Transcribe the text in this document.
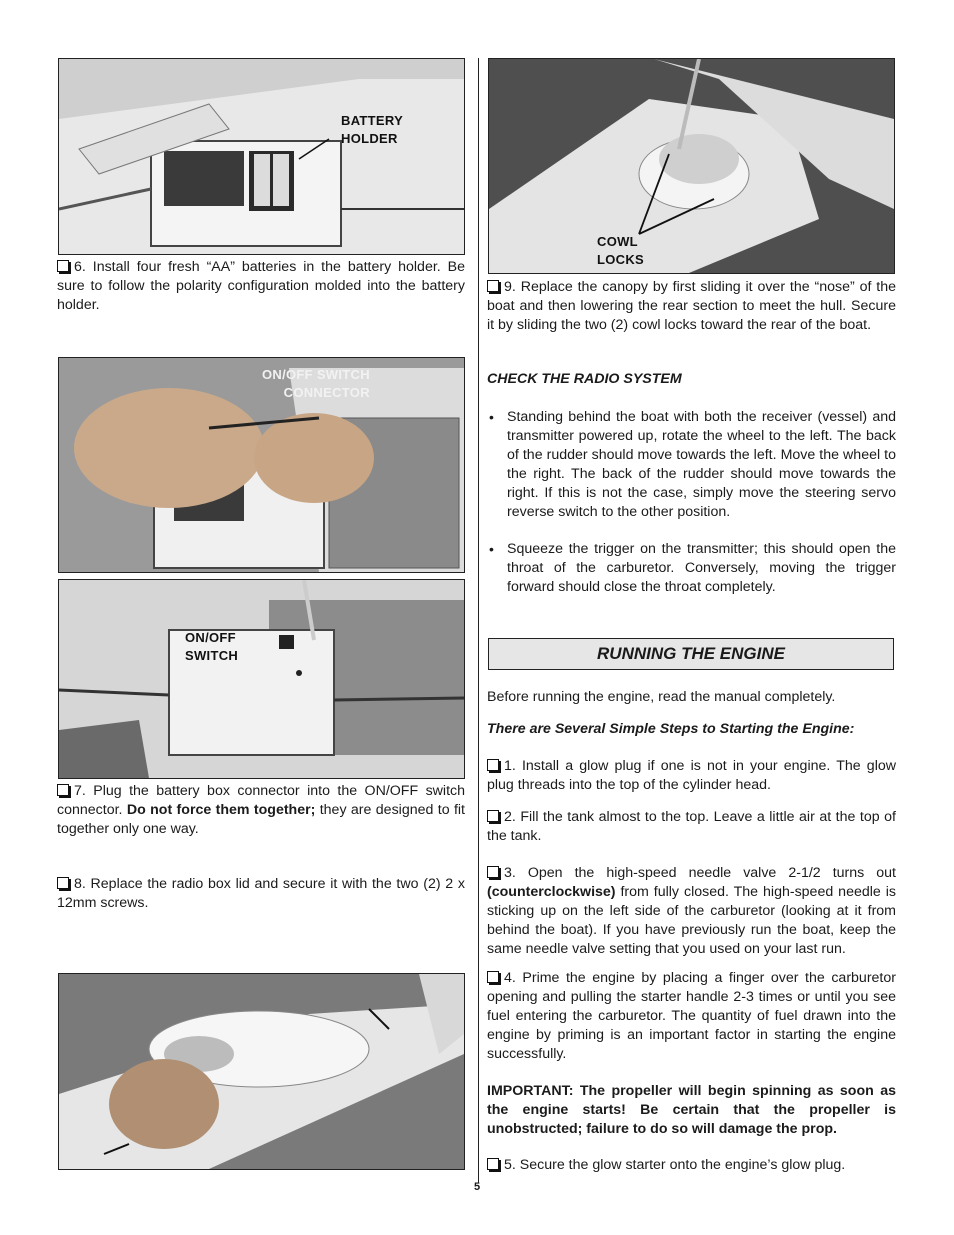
BATTERY
HOLDER
ON/OFF SWITCH
CONNECTOR
ON/OFF
SWITCH
6. Install four fresh “AA” batteries in the battery holder. Be sure to follow the polarity configuration molded into the battery holder.
7. Plug the battery box connector into the ON/OFF switch connector. Do not force them together; they are designed to fit together only one way.
8. Replace the radio box lid and secure it with the two (2) 2 x 12mm screws.
COWL
LOCKS
9. Replace the canopy by first sliding it over the “nose” of the boat and then lowering the rear section to meet the hull. Secure it by sliding the two (2) cowl locks toward the rear of the boat.
CHECK THE RADIO SYSTEM
• Standing behind the boat with both the receiver (vessel) and transmitter powered up, rotate the wheel to the left. The back of the rudder should move towards the left. Move the wheel to the right. The back of the rudder should move towards the right. If this is not the case, simply move the steering servo reverse switch to the other position.
• Squeeze the trigger on the transmitter; this should open the throat of the carburetor. Conversely, moving the trigger forward should close the throat completely.
RUNNING THE ENGINE
Before running the engine, read the manual completely.
There are Several Simple Steps to Starting the Engine:
1. Install a glow plug if one is not in your engine. The glow plug threads into the top of the cylinder head.
2. Fill the tank almost to the top. Leave a little air at the top of the tank.
3. Open the high-speed needle valve 2-1/2 turns out (counterclockwise) from fully closed. The high-speed needle is sticking up on the left side of the carburetor (looking at it from behind the boat). If you have previously run the boat, keep the same needle valve setting that you used on your last run.
4. Prime the engine by placing a finger over the carburetor opening and pulling the starter handle 2-3 times or until you see fuel entering the carburetor. The quantity of fuel drawn into the engine by priming is an important factor in starting the engine successfully.
IMPORTANT: The propeller will begin spinning as soon as the engine starts! Be certain that the propeller is unobstructed; failure to do so will damage the prop.
5. Secure the glow starter onto the engine’s glow plug.
5
